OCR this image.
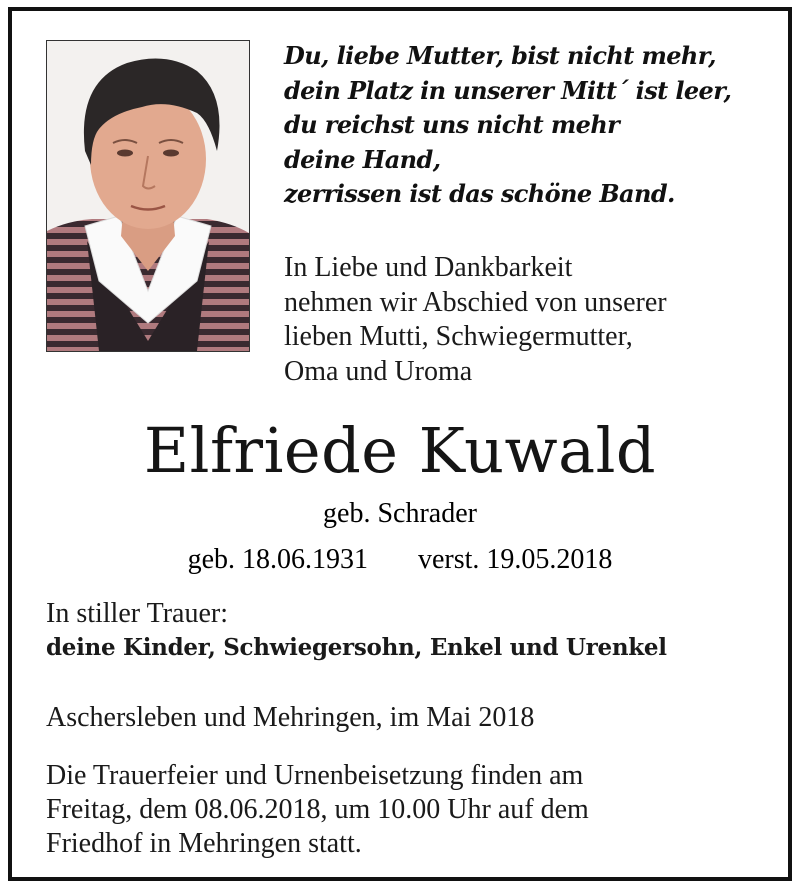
Du, liebe Mutter, bist nicht mehr,
dein Platz in unserer Mitt´ ist leer,
du reichst uns nicht mehr
deine Hand,
zerrissen ist das schöne Band.
In Liebe und Dankbarkeit
nehmen wir Abschied von unserer
lieben Mutti, Schwiegermutter,
Oma und Uroma
Elfriede Kuwald
geb. Schrader
geb. 18.06.1931 verst. 19.05.2018
In stiller Trauer:
deine Kinder, Schwiegersohn, Enkel und Urenkel
Aschersleben und Mehringen, im Mai 2018
Die Trauerfeier und Urnenbeisetzung finden am
Freitag, dem 08.06.2018, um 10.00 Uhr auf dem
Friedhof in Mehringen statt.
